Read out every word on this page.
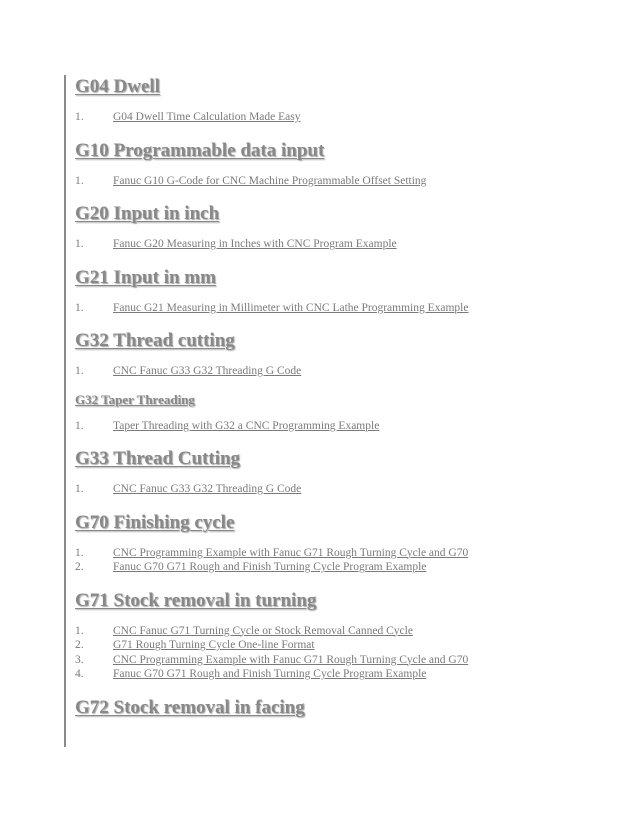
G04 Dwell
1.	G04 Dwell Time Calculation Made Easy
G10 Programmable data input
1.	Fanuc G10 G-Code for CNC Machine Programmable Offset Setting
G20 Input in inch
1.	Fanuc G20 Measuring in Inches with CNC Program Example
G21 Input in mm
1.	Fanuc G21 Measuring in Millimeter with CNC Lathe Programming Example
G32 Thread cutting
1.	CNC Fanuc G33 G32 Threading G Code
G32 Taper Threading
1.	Taper Threading with G32 a CNC Programming Example
G33 Thread Cutting
1.	CNC Fanuc G33 G32 Threading G Code
G70 Finishing cycle
1.	CNC Programming Example with Fanuc G71 Rough Turning Cycle and G70
2.	Fanuc G70 G71 Rough and Finish Turning Cycle Program Example
G71 Stock removal in turning
1.	CNC Fanuc G71 Turning Cycle or Stock Removal Canned Cycle
2.	G71 Rough Turning Cycle One-line Format
3.	CNC Programming Example with Fanuc G71 Rough Turning Cycle and G70
4.	Fanuc G70 G71 Rough and Finish Turning Cycle Program Example
G72 Stock removal in facing
